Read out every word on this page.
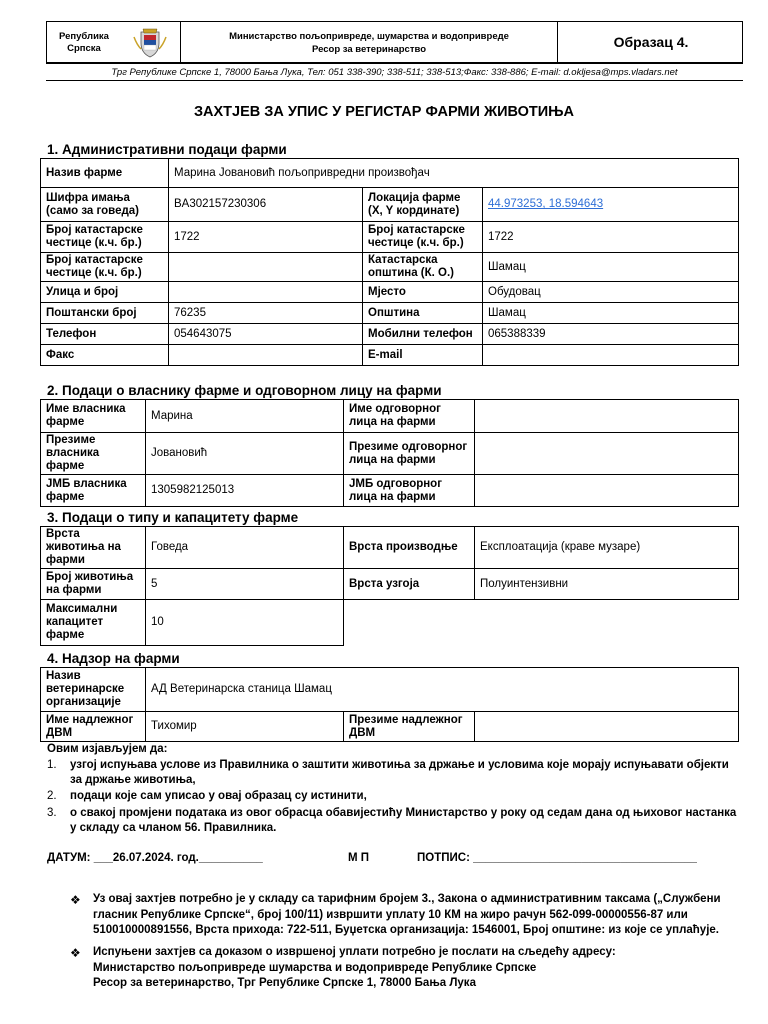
Република
Српска
Министарство пољопривреде, шумарства и водопривреде
Ресор за ветеринарство	Образац 4.
Трг Републике Српске 1, 78000 Бања Лука, Тел: 051 338-390; 338-511; 338-513;Факс: 338-886; E-mail: d.okljesa@mps.vladars.net
ЗАХТЈЕВ ЗА УПИС У РЕГИСТАР ФАРМИ ЖИВОТИЊА
1. Административни подаци фарми
Назив фарме	Марина Јовановић пољопривредни произвођач		
Шифра имања (само за говеда)	BA302157230306	Локација фарме (X, Y кординате)	44.973253, 18.594643
Број катастарске честице (к.ч. бр.)	1722	Број катастарске честице (к.ч. бр.)	1722
Број катастарске честице (к.ч. бр.)		Катастарска општина (К. О.)	Шамац
Улица и број		Мјесто	Обудовац
Поштански број	76235	Општина	Шамац
Телефон	054643075	Мобилни телефон	065388339
Факс		E-mail	
2. Подаци о власнику фарме и одговорном лицу на фарми
Име власника фарме	Марина	Име одговорног лица на фарми	
Презиме власника фарме	Јовановић	Презиме одговорног лица на фарми	
ЈМБ власника фарме	1305982125013	ЈМБ одговорног лица на фарми	
3. Подаци о типу и капацитету фарме
Врста животиња на фарми	Говеда	Врста производње	Експлоатација (краве музаре)
Број животиња на фарми	5	Врста узгоја	Полуинтензивни
Максимални капацитет фарме	10		
4. Надзор на фарми
Назив ветеринарске организације	АД Ветеринарска станица Шамац		
Име надлежног ДВМ	Тихомир	Презиме надлежног ДВМ	
Овим изјављујем да:
1. узгој испуњава услове из Правилника о заштити животиња за држање и условима које морају испуњавати објекти за држање животиња,
2. подаци које сам уписао у овај образац су истинити,
3. о свакој промјени података из овог обрасца обавијестићу Министарство у року од седам дана од њиховог настанка у складу са чланом 56. Правилника.
ДАТУМ: ___26.07.2024. год.__________	М П	ПОТПИС: ___________________________________
❖ Уз овај захтјев потребно је у складу са тарифним бројем 3., Закона о административним таксама („Службени гласник Републике Српске“, број 100/11) извршити уплату 10 КМ на жиро рачун 562-099-00000556-87 или 510010000891556, Врста прихода: 722-511, Буџетска организација: 1546001, Број општине: из које се уплаћује.
❖ Испуњени захтјев са доказом о извршеној уплати потребно је послати на сљедећу адресу:
Министарство пољопривреде шумарства и водопривреде Републике Српске
Ресор за ветеринарство, Трг Републике Српске 1, 78000 Бања Лука
